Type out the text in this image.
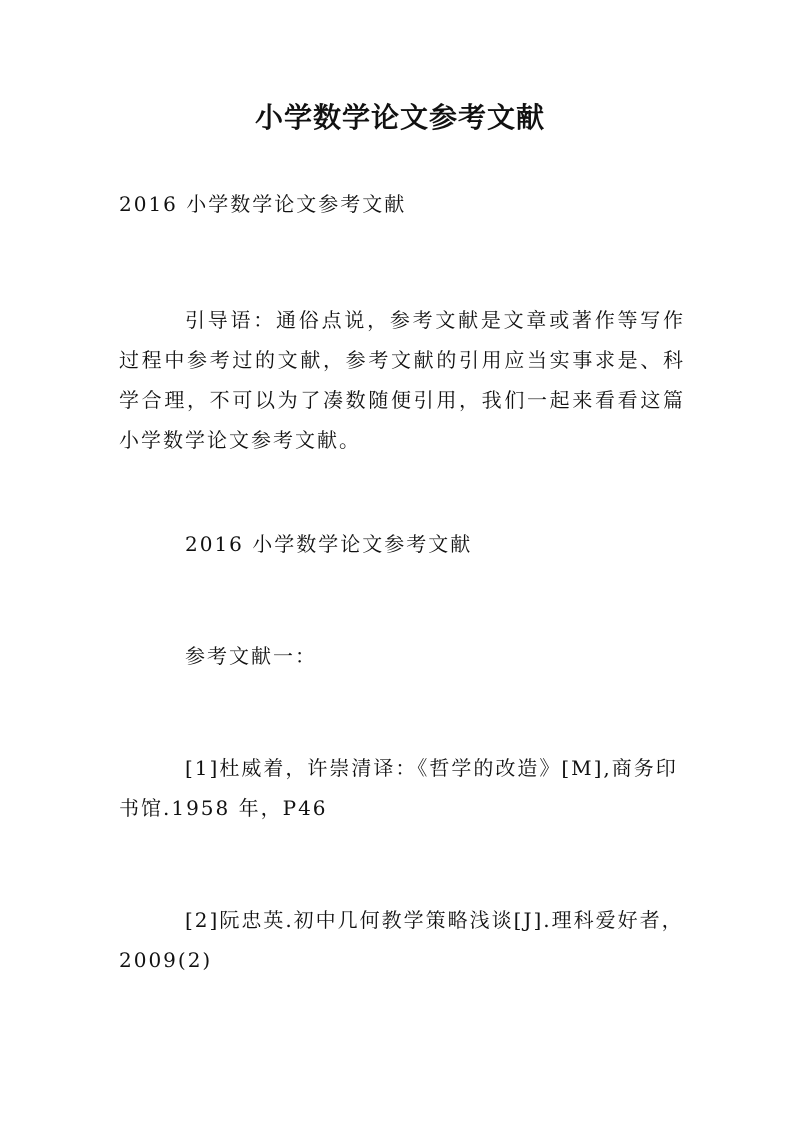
小学数学论文参考文献

2016 小学数学论文参考文献

引导语：通俗点说，参考文献是文章或著作等写作过程中参考过的文献，参考文献的引用应当实事求是、科学合理，不可以为了凑数随便引用，我们一起来看看这篇小学数学论文参考文献。

2016 小学数学论文参考文献

参考文献一：

[1]杜威着，许崇清译：《哲学的改造》[M],商务印书馆.1958 年，P46

[2]阮忠英.初中几何教学策略浅谈[J].理科爱好者，2009(2)
